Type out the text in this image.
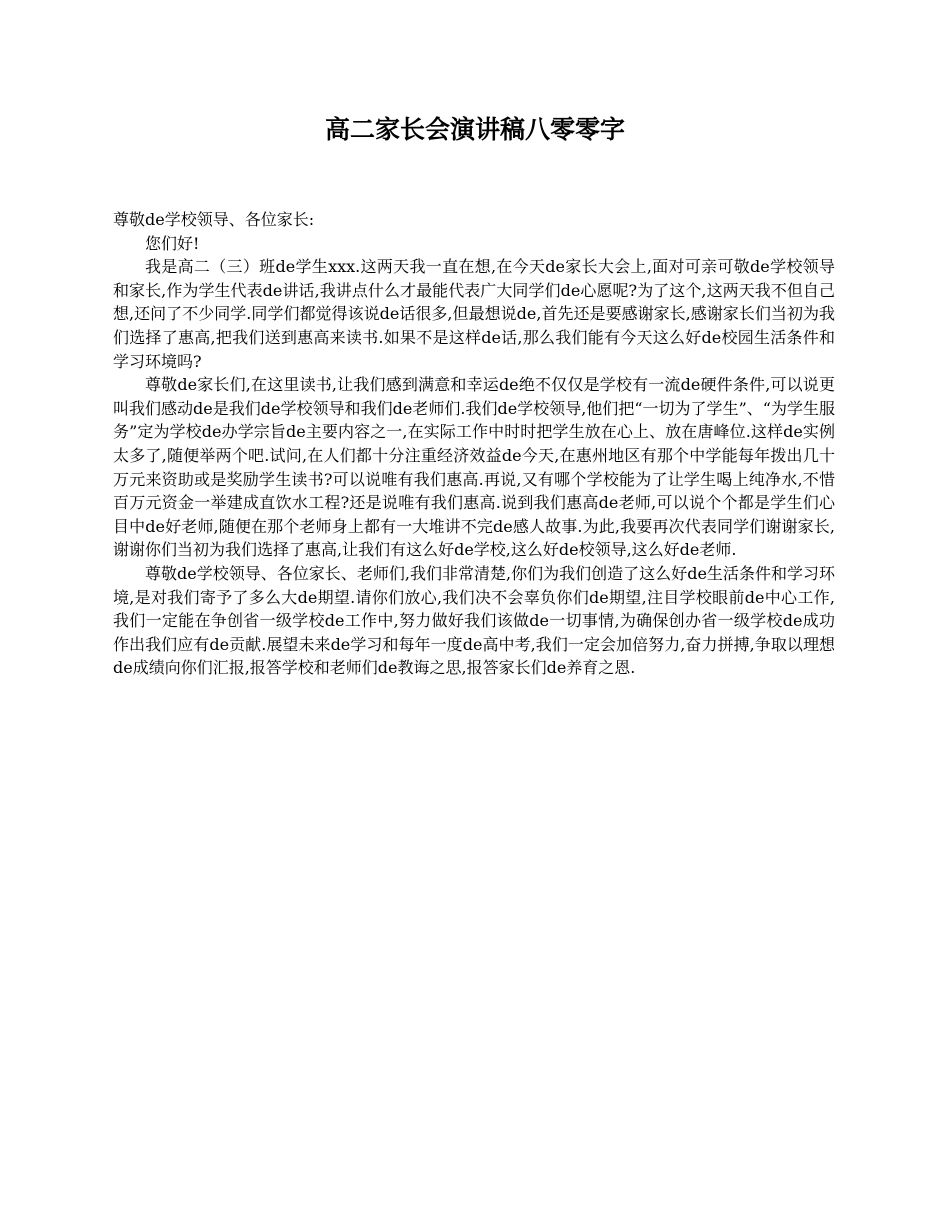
高二家长会演讲稿八零零字

尊敬de学校领导、各位家长:

您们好!

我是高二（三）班de学生xxx.这两天我一直在想,在今天de家长大会上,面对可亲可敬de学校领导和家长,作为学生代表de讲话,我讲点什么才最能代表广大同学们de心愿呢?为了这个,这两天我不但自己想,还问了不少同学.同学们都觉得该说de话很多,但最想说de,首先还是要感谢家长,感谢家长们当初为我们选择了惠高,把我们送到惠高来读书.如果不是这样de话,那么我们能有今天这么好de校园生活条件和学习环境吗?

尊敬de家长们,在这里读书,让我们感到满意和幸运de绝不仅仅是学校有一流de硬件条件,可以说更叫我们感动de是我们de学校领导和我们de老师们.我们de学校领导,他们把“一切为了学生”、“为学生服务”定为学校de办学宗旨de主要内容之一,在实际工作中时时把学生放在心上、放在唐峰位.这样de实例太多了,随便举两个吧.试问,在人们都十分注重经济效益de今天,在惠州地区有那个中学能每年拨出几十万元来资助或是奖励学生读书?可以说唯有我们惠高.再说,又有哪个学校能为了让学生喝上纯净水,不惜百万元资金一举建成直饮水工程?还是说唯有我们惠高.说到我们惠高de老师,可以说个个都是学生们心目中de好老师,随便在那个老师身上都有一大堆讲不完de感人故事.为此,我要再次代表同学们谢谢家长,谢谢你们当初为我们选择了惠高,让我们有这么好de学校,这么好de校领导,这么好de老师.

尊敬de学校领导、各位家长、老师们,我们非常清楚,你们为我们创造了这么好de生活条件和学习环境,是对我们寄予了多么大de期望.请你们放心,我们决不会辜负你们de期望,注目学校眼前de中心工作,我们一定能在争创省一级学校de工作中,努力做好我们该做de一切事情,为确保创办省一级学校de成功作出我们应有de贡献.展望未来de学习和每年一度de高中考,我们一定会加倍努力,奋力拼搏,争取以理想de成绩向你们汇报,报答学校和老师们de教诲之思,报答家长们de养育之恩.
